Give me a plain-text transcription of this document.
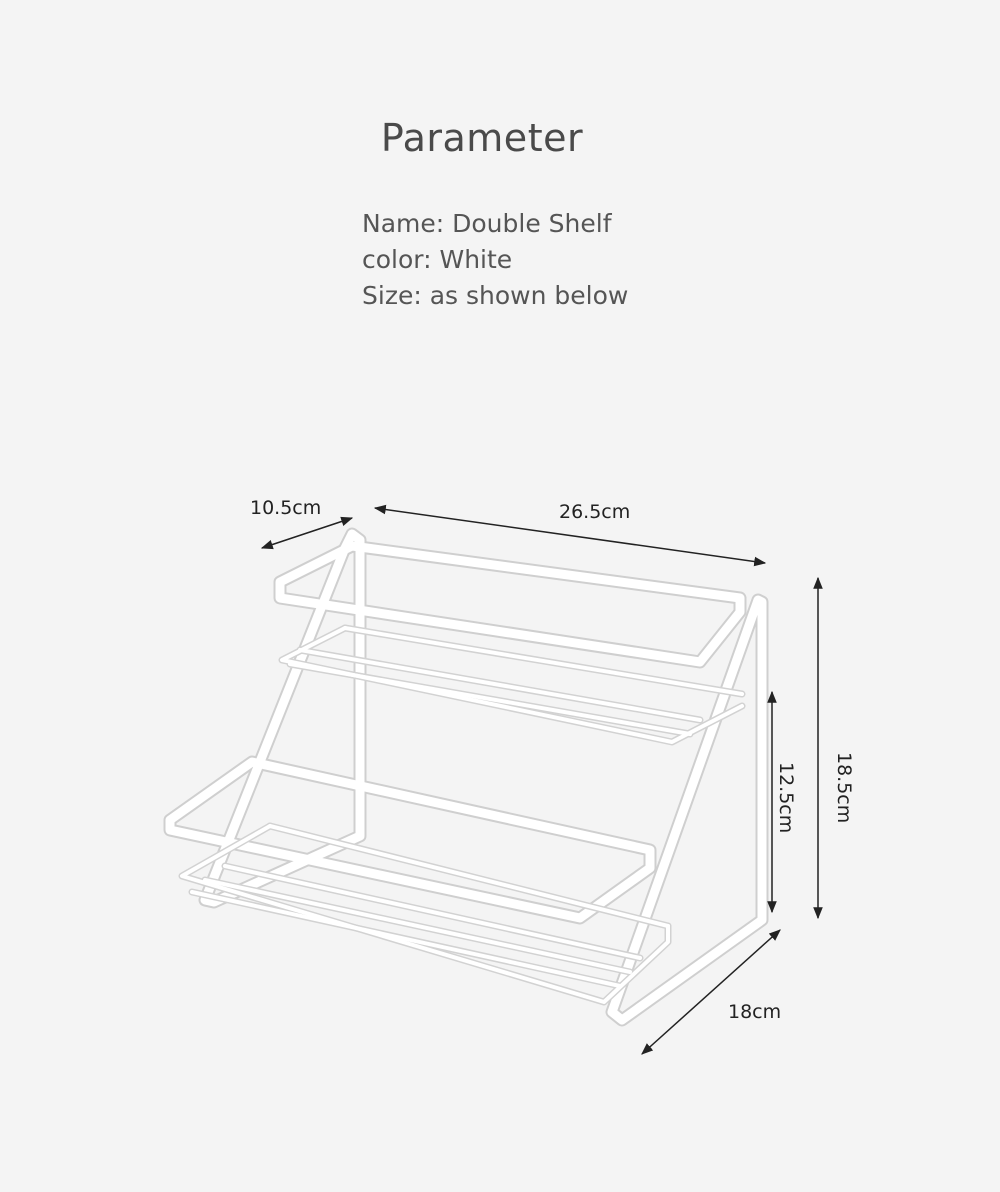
Parameter
Name: Double Shelf
color: White
Size: as shown below
10.5cm	26.5cm
18.5cm
12.5cm
18cm
